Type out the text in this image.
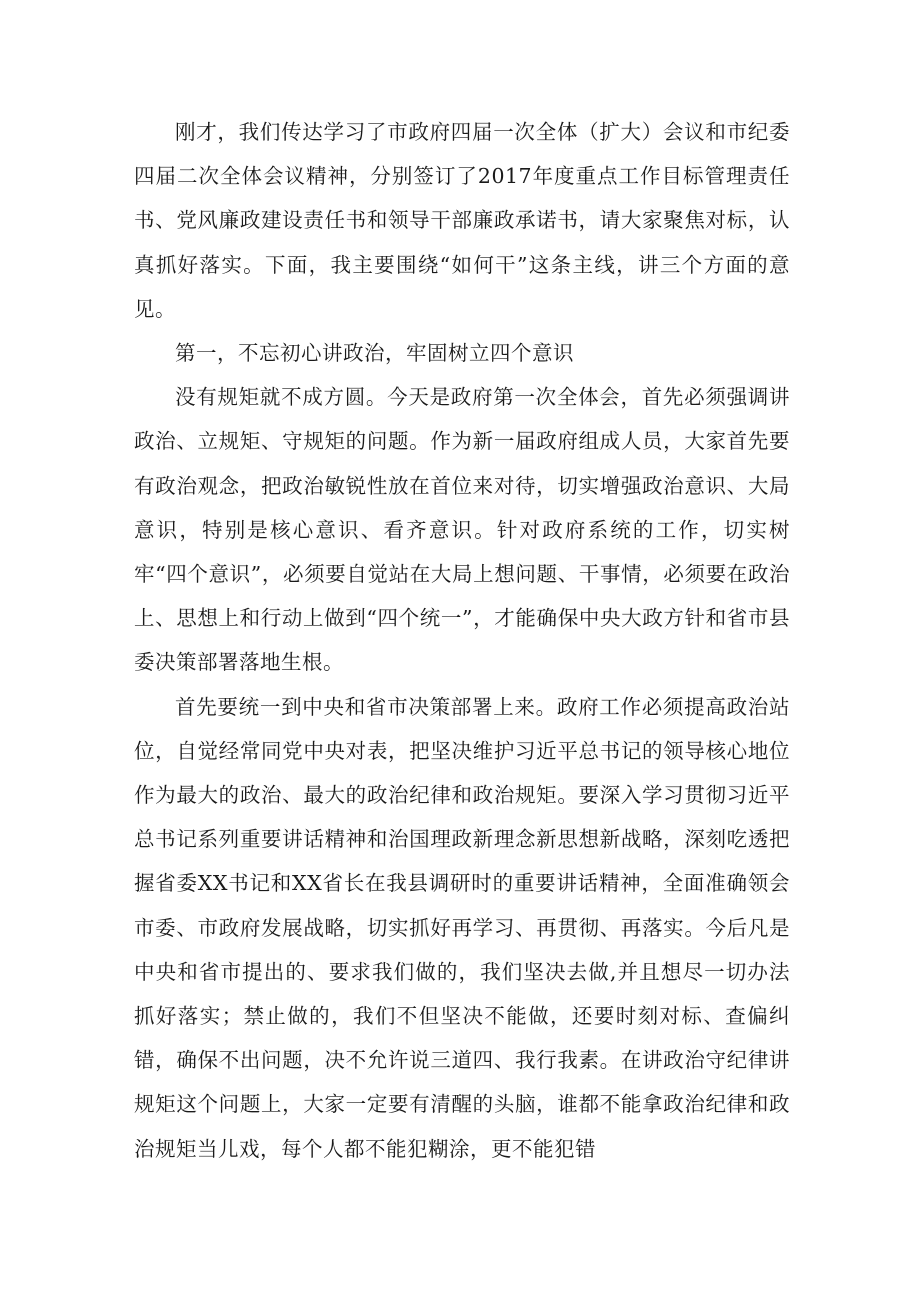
刚才，我们传达学习了市政府四届一次全体（扩大）会议和市纪委四届二次全体会议精神，分别签订了2017年度重点工作目标管理责任书、党风廉政建设责任书和领导干部廉政承诺书，请大家聚焦对标，认真抓好落实。下面，我主要围绕“如何干”这条主线，讲三个方面的意见。

第一，不忘初心讲政治，牢固树立四个意识

没有规矩就不成方圆。今天是政府第一次全体会，首先必须强调讲政治、立规矩、守规矩的问题。作为新一届政府组成人员，大家首先要有政治观念，把政治敏锐性放在首位来对待，切实增强政治意识、大局意识，特别是核心意识、看齐意识。针对政府系统的工作，切实树牢“四个意识”，必须要自觉站在大局上想问题、干事情，必须要在政治上、思想上和行动上做到“四个统一”，才能确保中央大政方针和省市县委决策部署落地生根。

首先要统一到中央和省市决策部署上来。政府工作必须提高政治站位，自觉经常同党中央对表，把坚决维护习近平总书记的领导核心地位作为最大的政治、最大的政治纪律和政治规矩。要深入学习贯彻习近平总书记系列重要讲话精神和治国理政新理念新思想新战略，深刻吃透把握省委XX书记和XX省长在我县调研时的重要讲话精神，全面准确领会市委、市政府发展战略，切实抓好再学习、再贯彻、再落实。今后凡是中央和省市提出的、要求我们做的，我们坚决去做,并且想尽一切办法抓好落实；禁止做的，我们不但坚决不能做，还要时刻对标、查偏纠错，确保不出问题，决不允许说三道四、我行我素。在讲政治守纪律讲规矩这个问题上，大家一定要有清醒的头脑，谁都不能拿政治纪律和政治规矩当儿戏，每个人都不能犯糊涂，更不能犯错
